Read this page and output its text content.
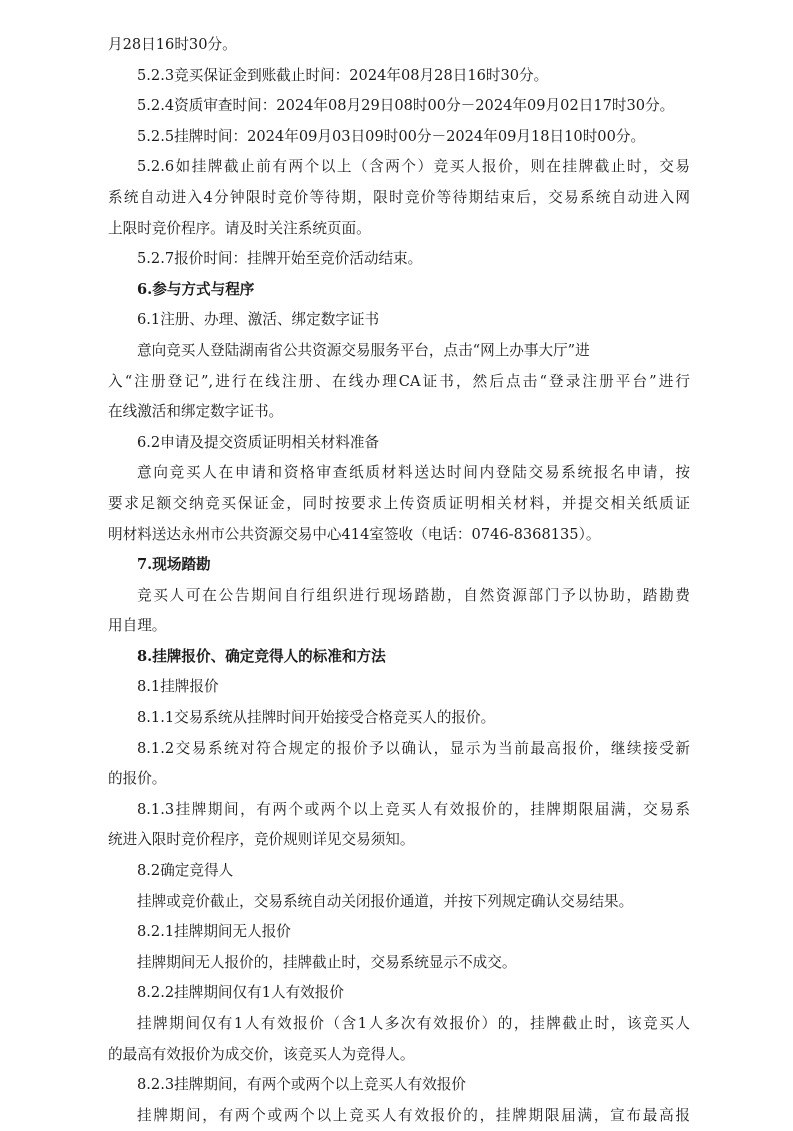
月28日16时30分。
5.2.3竞买保证金到账截止时间：2024年08月28日16时30分。
5.2.4资质审查时间：2024年08月29日08时00分－2024年09月02日17时30分。
5.2.5挂牌时间：2024年09月03日09时00分－2024年09月18日10时00分。
5.2.6如挂牌截止前有两个以上（含两个）竞买人报价，则在挂牌截止时，交易
系统自动进入4分钟限时竞价等待期，限时竞价等待期结束后，交易系统自动进入网
上限时竞价程序。请及时关注系统页面。
5.2.7报价时间：挂牌开始至竞价活动结束。
6.参与方式与程序
6.1注册、办理、激活、绑定数字证书
意向竞买人登陆湖南省公共资源交易服务平台，点击“网上办事大厅”进
入“注册登记”,进行在线注册、在线办理CA证书，然后点击“登录注册平台”进行
在线激活和绑定数字证书。
6.2申请及提交资质证明相关材料准备
意向竞买人在申请和资格审查纸质材料送达时间内登陆交易系统报名申请，按
要求足额交纳竞买保证金，同时按要求上传资质证明相关材料，并提交相关纸质证
明材料送达永州市公共资源交易中心414室签收（电话：0746-8368135）。
7.现场踏勘
竞买人可在公告期间自行组织进行现场踏勘，自然资源部门予以协助，踏勘费
用自理。
8.挂牌报价、确定竞得人的标准和方法
8.1挂牌报价
8.1.1交易系统从挂牌时间开始接受合格竞买人的报价。
8.1.2交易系统对符合规定的报价予以确认，显示为当前最高报价，继续接受新
的报价。
8.1.3挂牌期间，有两个或两个以上竞买人有效报价的，挂牌期限届满，交易系
统进入限时竞价程序，竞价规则详见交易须知。
8.2确定竞得人
挂牌或竞价截止，交易系统自动关闭报价通道，并按下列规定确认交易结果。
8.2.1挂牌期间无人报价
挂牌期间无人报价的，挂牌截止时，交易系统显示不成交。
8.2.2挂牌期间仅有1人有效报价
挂牌期间仅有1人有效报价（含1人多次有效报价）的，挂牌截止时，该竞买人
的最高有效报价为成交价，该竞买人为竞得人。
8.2.3挂牌期间，有两个或两个以上竞买人有效报价
挂牌期间，有两个或两个以上竞买人有效报价的，挂牌期限届满，宣布最高报
